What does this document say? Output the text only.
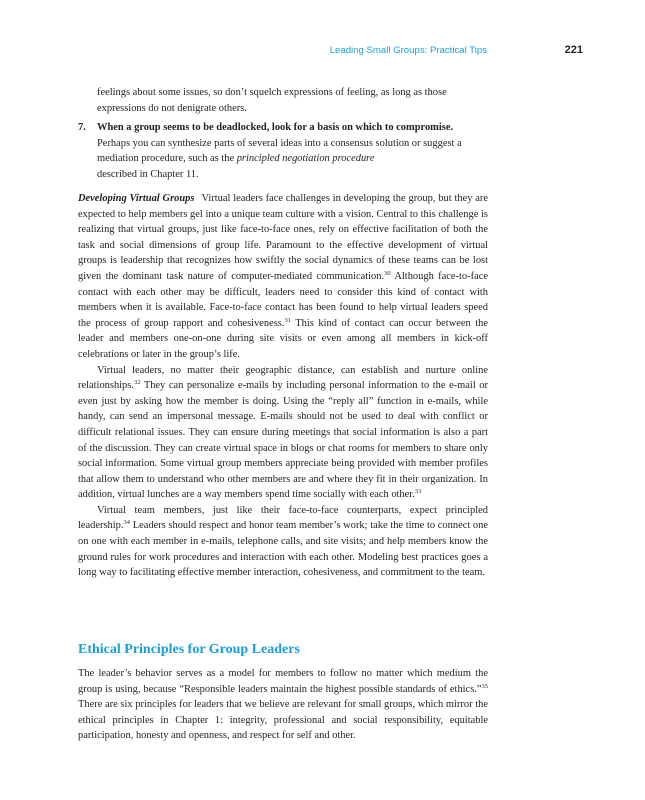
Leading Small Groups: Practical Tips	221

feelings about some issues, so don’t squelch expressions of feeling, as long as those expressions do not denigrate others.

7. When a group seems to be deadlocked, look for a basis on which to compromise.
Perhaps you can synthesize parts of several ideas into a consensus solution or suggest a mediation procedure, such as the principled negotiation procedure
described in Chapter 11.

Developing Virtual Groups Virtual leaders face challenges in developing the group, but they are expected to help members gel into a unique team culture with a vision. Central to this challenge is realizing that virtual groups, just like face-to-face ones, rely on effective facilitation of both the task and social dimensions of group life. Paramount to the effective development of virtual groups is leadership that recognizes how swiftly the social dynamics of these teams can be lost given the dominant task nature of computer-mediated communication.$^{30}$ Although face-to-face contact with each other may be difficult, leaders need to consider this kind of contact with members when it is available. Face-to-face contact has been found to help virtual leaders speed the process of group rapport and cohesiveness.$^{31}$ This kind of contact can occur between the leader and members one-on-one during site visits or even among all members in kick-off celebrations or later in the group’s life.

Virtual leaders, no matter their geographic distance, can establish and nurture online relationships.$^{32}$ They can personalize e-mails by including personal information to the e-mail or even just by asking how the member is doing. Using the “reply all” function in e-mails, while handy, can send an impersonal message. E-mails should not be used to deal with conflict or difficult relational issues. They can ensure during meetings that social information is also a part of the discussion. They can create virtual space in blogs or chat rooms for members to share only social information. Some virtual group members appreciate being provided with member profiles that allow them to understand who other members are and where they fit in their organization. In addition, virtual lunches are a way members spend time socially with each other.$^{33}$

Virtual team members, just like their face-to-face counterparts, expect principled leadership.$^{34}$ Leaders should respect and honor team member’s work; take the time to connect one on one with each member in e-mails, telephone calls, and site visits; and help members know the ground rules for work procedures and interaction with each other. Modeling best practices goes a long way to facilitating effective member interaction, cohesiveness, and commitment to the team.

Ethical Principles for Group Leaders

The leader’s behavior serves as a model for members to follow no matter which medium the group is using, because “Responsible leaders maintain the highest possible standards of ethics.”$^{35}$ There are six principles for leaders that we believe are relevant for small groups, which mirror the ethical principles in Chapter 1: integrity, professional and social responsibility, equitable participation, honesty and openness, and respect for self and other.
